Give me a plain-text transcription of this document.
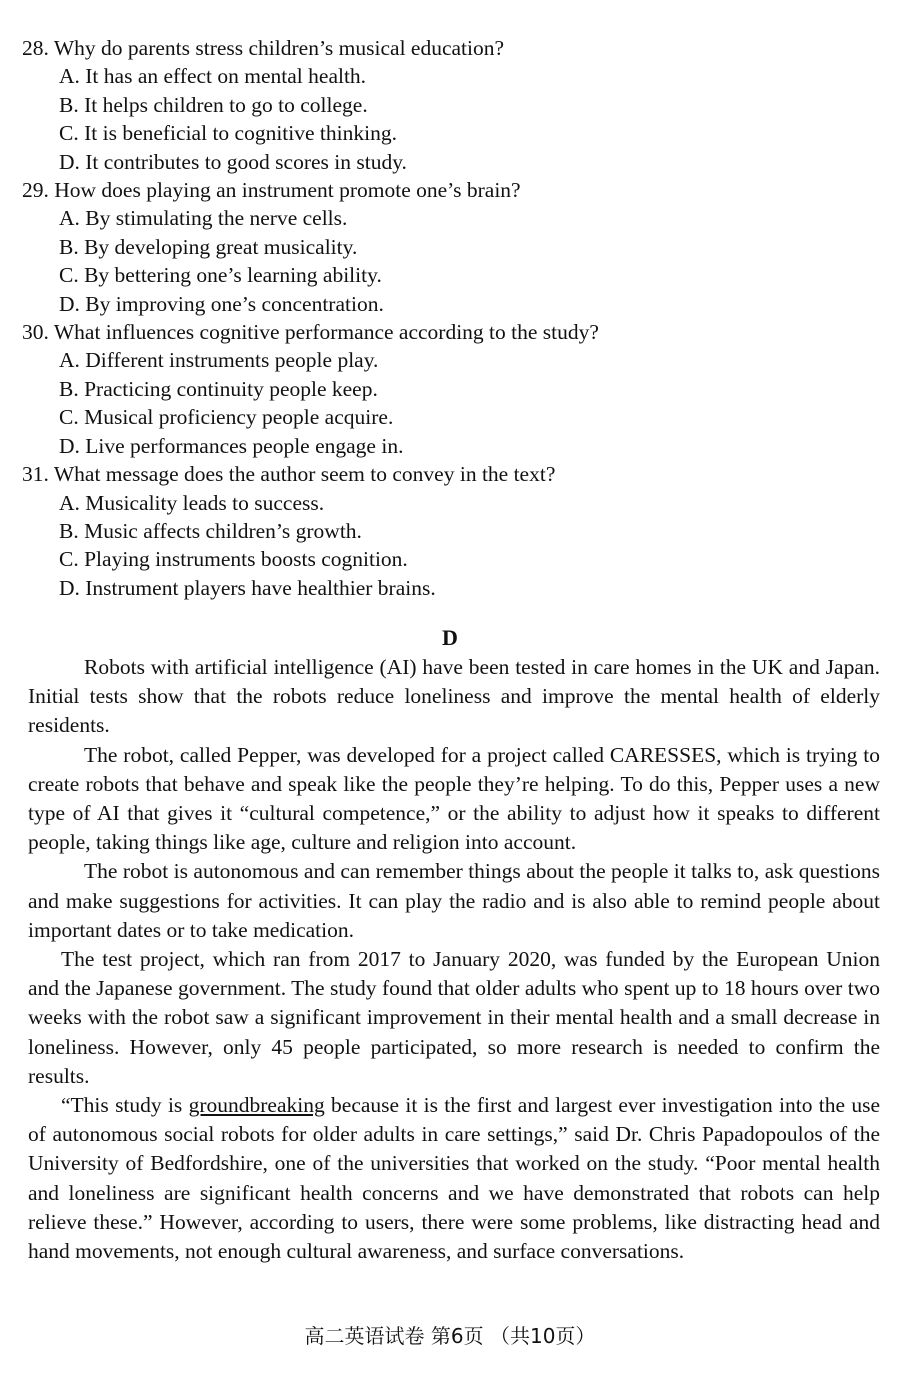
28. Why do parents stress children’s musical education?

A. It has an effect on mental health.

B. It helps children to go to college.

C. It is beneficial to cognitive thinking.

D. It contributes to good scores in study.

29. How does playing an instrument promote one’s brain?

A. By stimulating the nerve cells.

B. By developing great musicality.

C. By bettering one’s learning ability.

D. By improving one’s concentration.

30. What influences cognitive performance according to the study?

A. Different instruments people play.

B. Practicing continuity people keep.

C. Musical proficiency people acquire.

D. Live performances people engage in.

31. What message does the author seem to convey in the text?

A. Musicality leads to success.

B. Music affects children’s growth.

C. Playing instruments boosts cognition.

D. Instrument players have healthier brains.

D

Robots with artificial intelligence (AI) have been tested in care homes in the UK and Japan. Initial tests show that the robots reduce loneliness and improve the mental health of elderly residents.

The robot, called Pepper, was developed for a project called CARESSES, which is trying to create robots that behave and speak like the people they’re helping. To do this, Pepper uses a new type of AI that gives it “cultural competence,” or the ability to adjust how it speaks to different people, taking things like age, culture and religion into account.

The robot is autonomous and can remember things about the people it talks to, ask questions and make suggestions for activities. It can play the radio and is also able to remind people about important dates or to take medication.

The test project, which ran from 2017 to January 2020, was funded by the European Union and the Japanese government. The study found that older adults who spent up to 18 hours over two weeks with the robot saw a significant improvement in their mental health and a small decrease in loneliness. However, only 45 people participated, so more research is needed to confirm the results.

“This study is groundbreaking because it is the first and largest ever investigation into the use of autonomous social robots for older adults in care settings,” said Dr. Chris Papadopoulos of the University of Bedfordshire, one of the universities that worked on the study. “Poor mental health and loneliness are significant health concerns and we have demonstrated that robots can help relieve these.” However, according to users, there were some problems, like distracting head and hand movements, not enough cultural awareness, and surface conversations.

高二英语试卷 第6页 （共10页）
